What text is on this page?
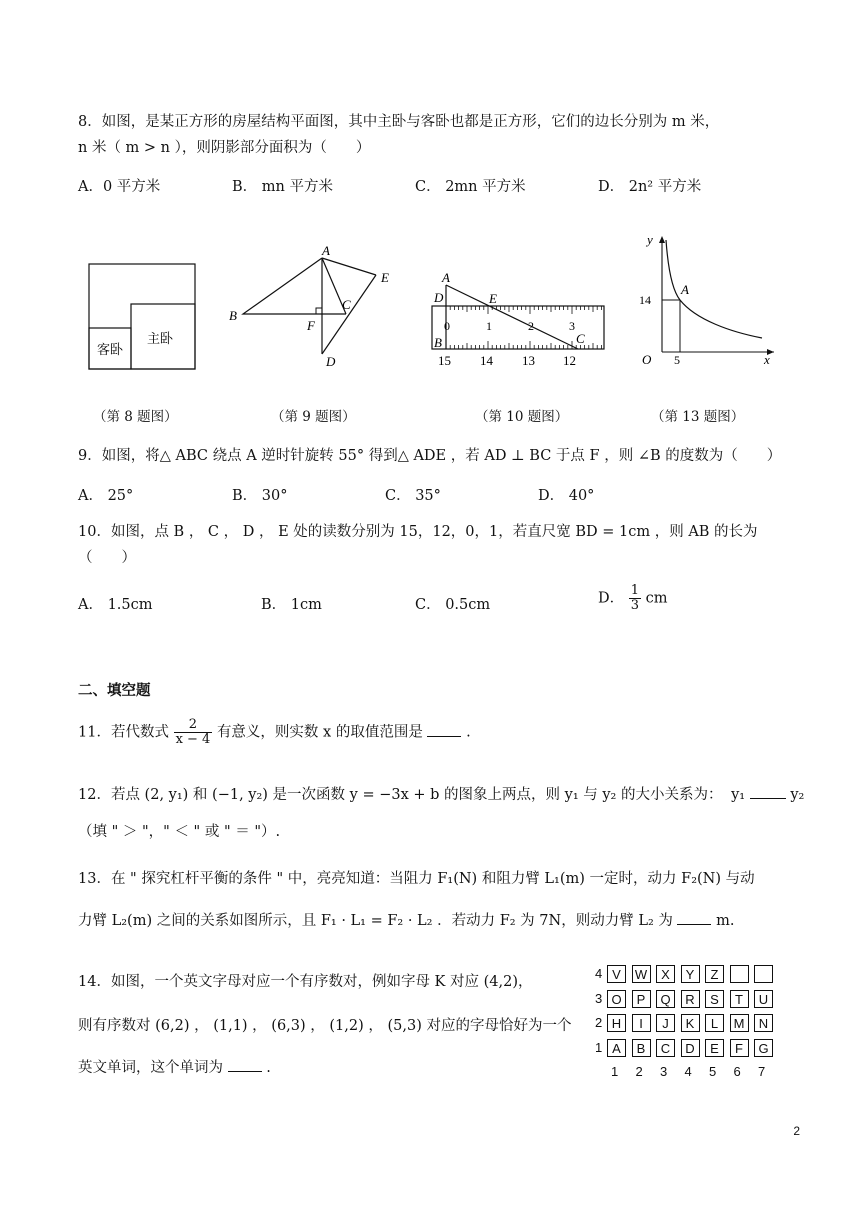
8．如图，是某正方形的房屋结构平面图，其中主卧与客卧也都是正方形，它们的边长分别为 m 米，
n 米（ m > n ），则阴影部分面积为（　　）
A．0 平方米	B． mn 平方米	C． 2mn 平方米	D． 2n² 平方米
客卧
主卧
（第 8 题图）
A
B
C
D
E
F
（第 9 题图）
A
D
B	C
E
0	1	2	3
15 14 13 12
（第 10 题图）
y
x
O
A
14
5
（第 13 题图）
9．如图，将△ ABC 绕点 A 逆时针旋转 55° 得到△ ADE ，若 AD ⊥ BC 于点 F ，则 ∠B 的度数为（　　）
A． 25°	B． 30°	C． 35°	D． 40°
10．如图，点 B ， C ， D ， E 处的读数分别为 15，12，0，1，若直尺宽 BD = 1cm ，则 AB 的长为
（　　）
A． 1.5cm	B． 1cm	C． 0.5cm	D． $\frac{1}{3}$ cm
二、填空题
11．若代数式 $\frac{2}{x - 4}$ 有意义，则实数 x 的取值范围是	.
12．若点 (2, y₁) 和 (−1, y₂) 是一次函数 y = −3x + b 的图象上两点，则 y₁ 与 y₂ 的大小关系为： y₁	y₂
（填 " ＞ "，" ＜ " 或 " ＝ "）.
13．在 " 探究杠杆平衡的条件 " 中，亮亮知道：当阻力 F₁(N) 和阻力臂 L₁(m) 一定时，动力 F₂(N) 与动
力臂 L₂(m) 之间的关系如图所示，且 F₁ · L₁ = F₂ · L₂ ．若动力 F₂ 为 7N，则动力臂 L₂ 为	m.
14．如图，一个英文字母对应一个有序数对，例如字母 K 对应 (4,2)，
则有序数对 (6,2) ， (1,1) ， (6,3) ， (1,2) ， (5,3) 对应的字母恰好为一个
英文单词，这个单词为	.
4 V	W	X	Y	Z
3 O	P	Q	R	S	T	U
2 H	I	J	K	L	M	N
1 A	B	C	D	E	F	G
1 2 3 4 5 6 7
2
